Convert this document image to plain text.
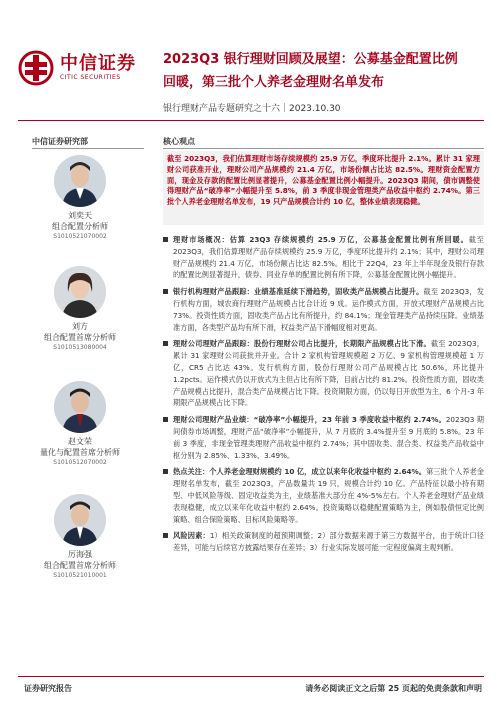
中信证券
CITIC SECURITIES
2023Q3 银行理财回顾及展望：公募基金配置比例
回暖，第三批个人养老金理财名单发布
银行理财产品专题研究之十六｜2023.10.30
中信证券研究部
刘奕天
组合配置分析师
S1010521070002
刘方
组合配置首席分析师
S1010513080004
赵文荣
量化与配置首席分析师
S1010512070002
厉海强
组合配置首席分析师
S1010521010001
核心观点
截至 2023Q3，我们估算理财市场存续规模约 25.9 万亿，季度环比提升 2.1%。累计 31 家理财公司获准开业，理财公司产品规模约 21.4 万亿，市场份额占比达 82.5%。理财资金配置方面，现金及存款的配置比例显著提升，公募基金配置比例小幅提升。2023Q3 期间，债市调整使得理财产品“破净率”小幅提升至 5.8%，前 3 季度非现金管理类产品收益中枢约 2.74%。第三批个人养老金理财名单发布，19 只产品规模合计约 10 亿，整体业绩表现稳健。
理财市场概况：估算 23Q3 存续规模约 25.9 万亿，公募基金配置比例有所回暖。截至 2023Q3，我们估算理财产品存续规模约 25.9 万亿，季度环比提升约 2.1%；其中，理财公司理财产品规模约 21.4 万亿，市场份额占比达 82.5%。相比于 22Q4，23 年上半年现金及银行存款的配置比例显著提升，债券、同业存单的配置比例有所下降，公募基金配置比例小幅提升。
银行机构理财产品跟踪：业绩基准延续下滑趋势，固收类产品规模占比提升。截至 2023Q3，发行机构方面，城农商行理财产品规模占比合计近 9 成。运作模式方面，开放式理财产品规模占比 73%。投资性质方面，固收类产品占比有所提升，约 84.1%；现金管理类产品持续压降。业绩基准方面，各类型产品均有所下滑，权益类产品下滑幅度相对更高。
理财公司理财产品跟踪：股份行理财公司占比提升，长期限产品规模占比下滑。截至 2023Q3，累计 31 家理财公司获批并开业。合计 2 家机构管理规模超 2 万亿、9 家机构管理规模超 1 万亿，CR5 占比达 43%。发行机构方面，股份行理财公司产品规模占比 50.6%，环比提升 1.2pcts。运作模式仍以开放式为主但占比有所下降，目前占比约 81.2%。投资性质方面，固收类产品规模占比提升，混合类产品规模占比下降。投资期限方面，仍以每日开放型为主，6 个月-3 年期限产品规模占比下降。
理财公司理财产品业绩：“破净率”小幅提升，23 年前 3 季度收益中枢约 2.74%。2023Q3 期间债券市场调整，理财产品“破净率”小幅提升，从 7 月底的 3.4%提升至 9 月底的 5.8%。23 年前 3 季度，非现金管理类理财产品收益中枢约 2.74%；其中固收类、混合类、权益类产品收益中枢分别为 2.85%、1.33%、3.49%。
热点关注：个人养老金理财规模约 10 亿，成立以来年化收益中枢约 2.64%。第三批个人养老金理财名单发布，截至 2023Q3，产品数量共 19 只，规模合计约 10 亿。产品特征以最小持有期型、中低风险等级、固定收益类为主，业绩基准大部分在 4%-5%左右。个人养老金理财产品业绩表现稳健，成立以来年化收益中枢约 2.64%。投资策略以稳健配置策略为主，例如股债恒定比例策略、组合保险策略、目标风险策略等。
风险因素：1）相关政策制度的超预期调整；2）部分数据来源于第三方数据平台，由于统计口径差异，可能与后续官方披露结果存在差异；3）行业实际发展可能一定程度偏离主观判断。
证券研究报告	请务必阅读正文之后第 25 页起的免责条款和声明
